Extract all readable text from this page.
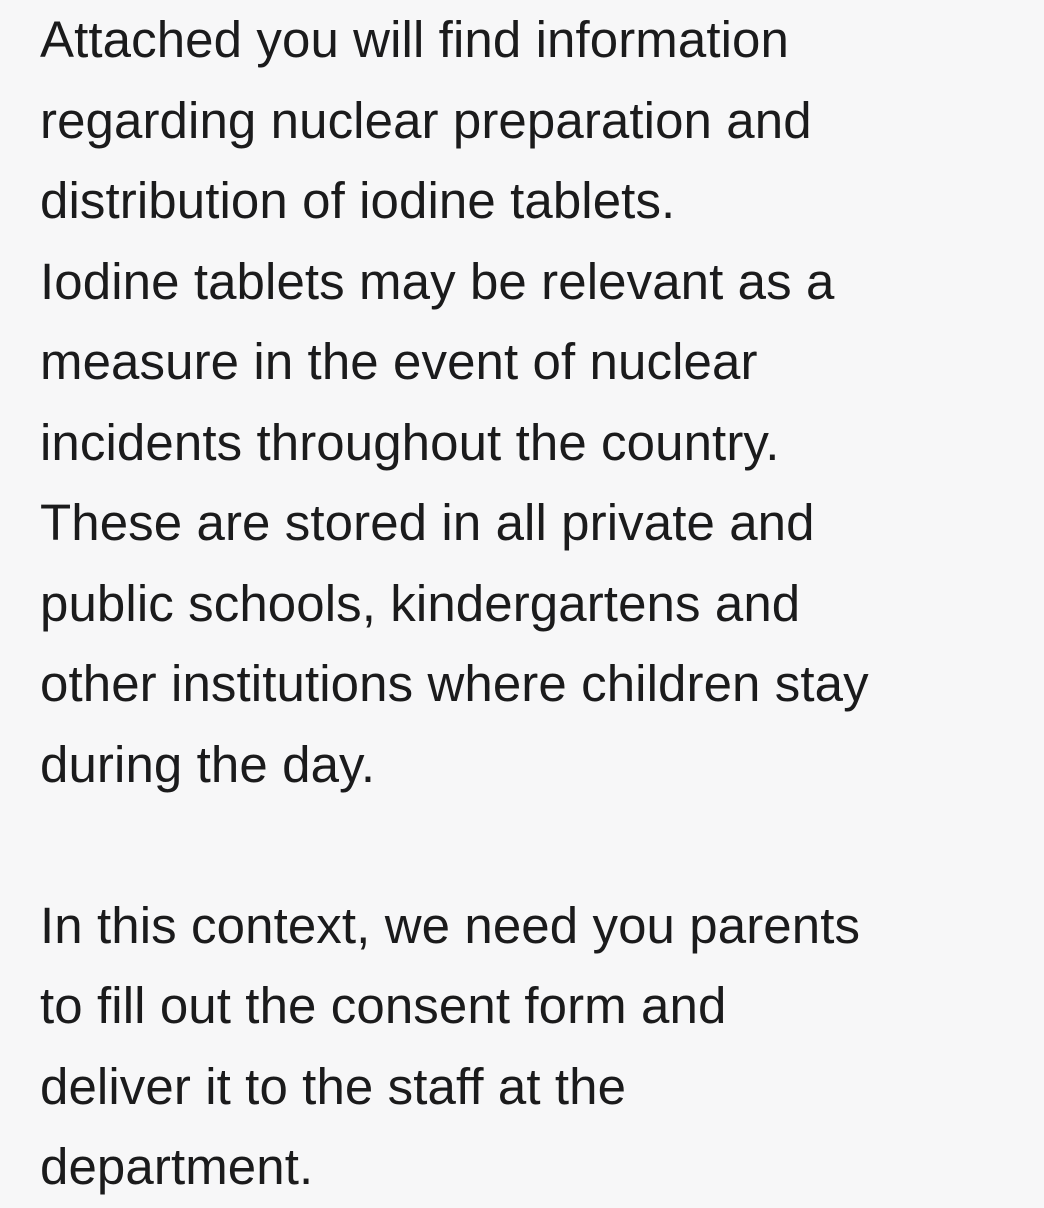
Attached you will find information
regarding nuclear preparation and
distribution of iodine tablets.
Iodine tablets may be relevant as a
measure in the event of nuclear
incidents throughout the country.
These are stored in all private and
public schools, kindergartens and
other institutions where children stay
during the day.
In this context, we need you parents
to fill out the consent form and
deliver it to the staff at the
department.
